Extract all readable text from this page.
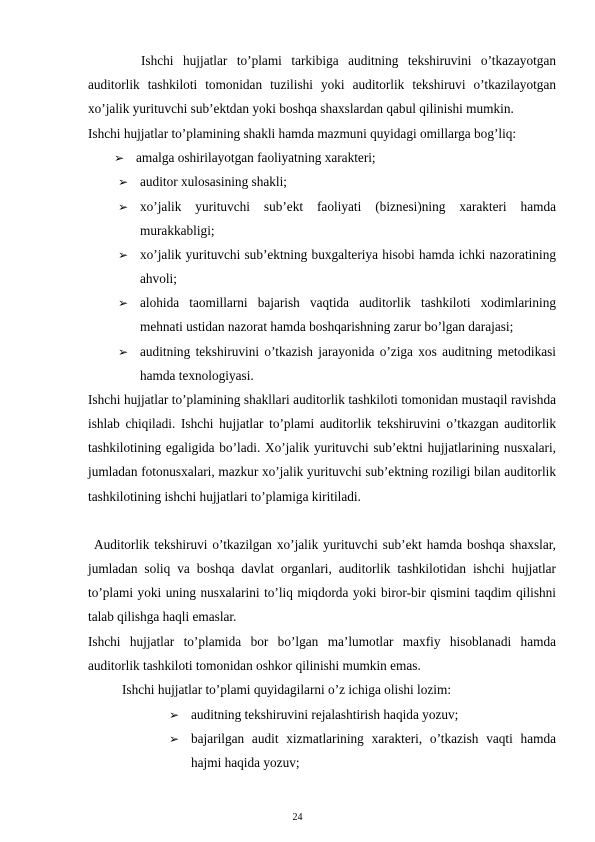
Ishchi hujjatlar to’plami tarkibiga auditning tekshiruvini o’tkazayotgan auditorlik tashkiloti tomonidan tuzilishi yoki auditorlik tekshiruvi o’tkazilayotgan xo’jalik yurituvchi sub’ektdan yoki boshqa shaxslardan qabul qilinishi mumkin.

Ishchi hujjatlar to’plamining shakli hamda mazmuni quyidagi omillarga bog’liq:

➢ amalga oshirilayotgan faoliyatning xarakteri;

➢ auditor xulosasining shakli;

➢ xo’jalik yurituvchi sub’ekt faoliyati (biznesi)ning xarakteri hamda murakkabligi;

➢ xo’jalik yurituvchi sub’ektning buxgalteriya hisobi hamda ichki nazoratining ahvoli;

➢ alohida taomillarni bajarish vaqtida auditorlik tashkiloti xodimlarining mehnati ustidan nazorat hamda boshqarishning zarur bo’lgan darajasi;

➢ auditning tekshiruvini o’tkazish jarayonida o’ziga xos auditning metodikasi hamda texnologiyasi.

Ishchi hujjatlar to’plamining shakllari auditorlik tashkiloti tomonidan mustaqil ravishda ishlab chiqiladi. Ishchi hujjatlar to’plami auditorlik tekshiruvini o’tkazgan auditorlik tashkilotining egaligida bo’ladi. Xo’jalik yurituvchi sub’ektni hujjatlarining nusxalari, jumladan fotonusxalari, mazkur xo’jalik yurituvchi sub’ektning roziligi bilan auditorlik tashkilotining ishchi hujjatlari to’plamiga kiritiladi.

Auditorlik tekshiruvi o’tkazilgan xo’jalik yurituvchi sub’ekt hamda boshqa shaxslar, jumladan soliq va boshqa davlat organlari, auditorlik tashkilotidan ishchi hujjatlar to’plami yoki uning nusxalarini to’liq miqdorda yoki biror-bir qismini taqdim qilishni talab qilishga haqli emaslar.

Ishchi hujjatlar to’plamida bor bo’lgan ma’lumotlar maxfiy hisoblanadi hamda auditorlik tashkiloti tomonidan oshkor qilinishi mumkin emas.

Ishchi hujjatlar to’plami quyidagilarni o’z ichiga olishi lozim:

➢ auditning tekshiruvini rejalashtirish haqida yozuv;

➢ bajarilgan audit xizmatlarining xarakteri, o’tkazish vaqti hamda hajmi haqida yozuv;

24
